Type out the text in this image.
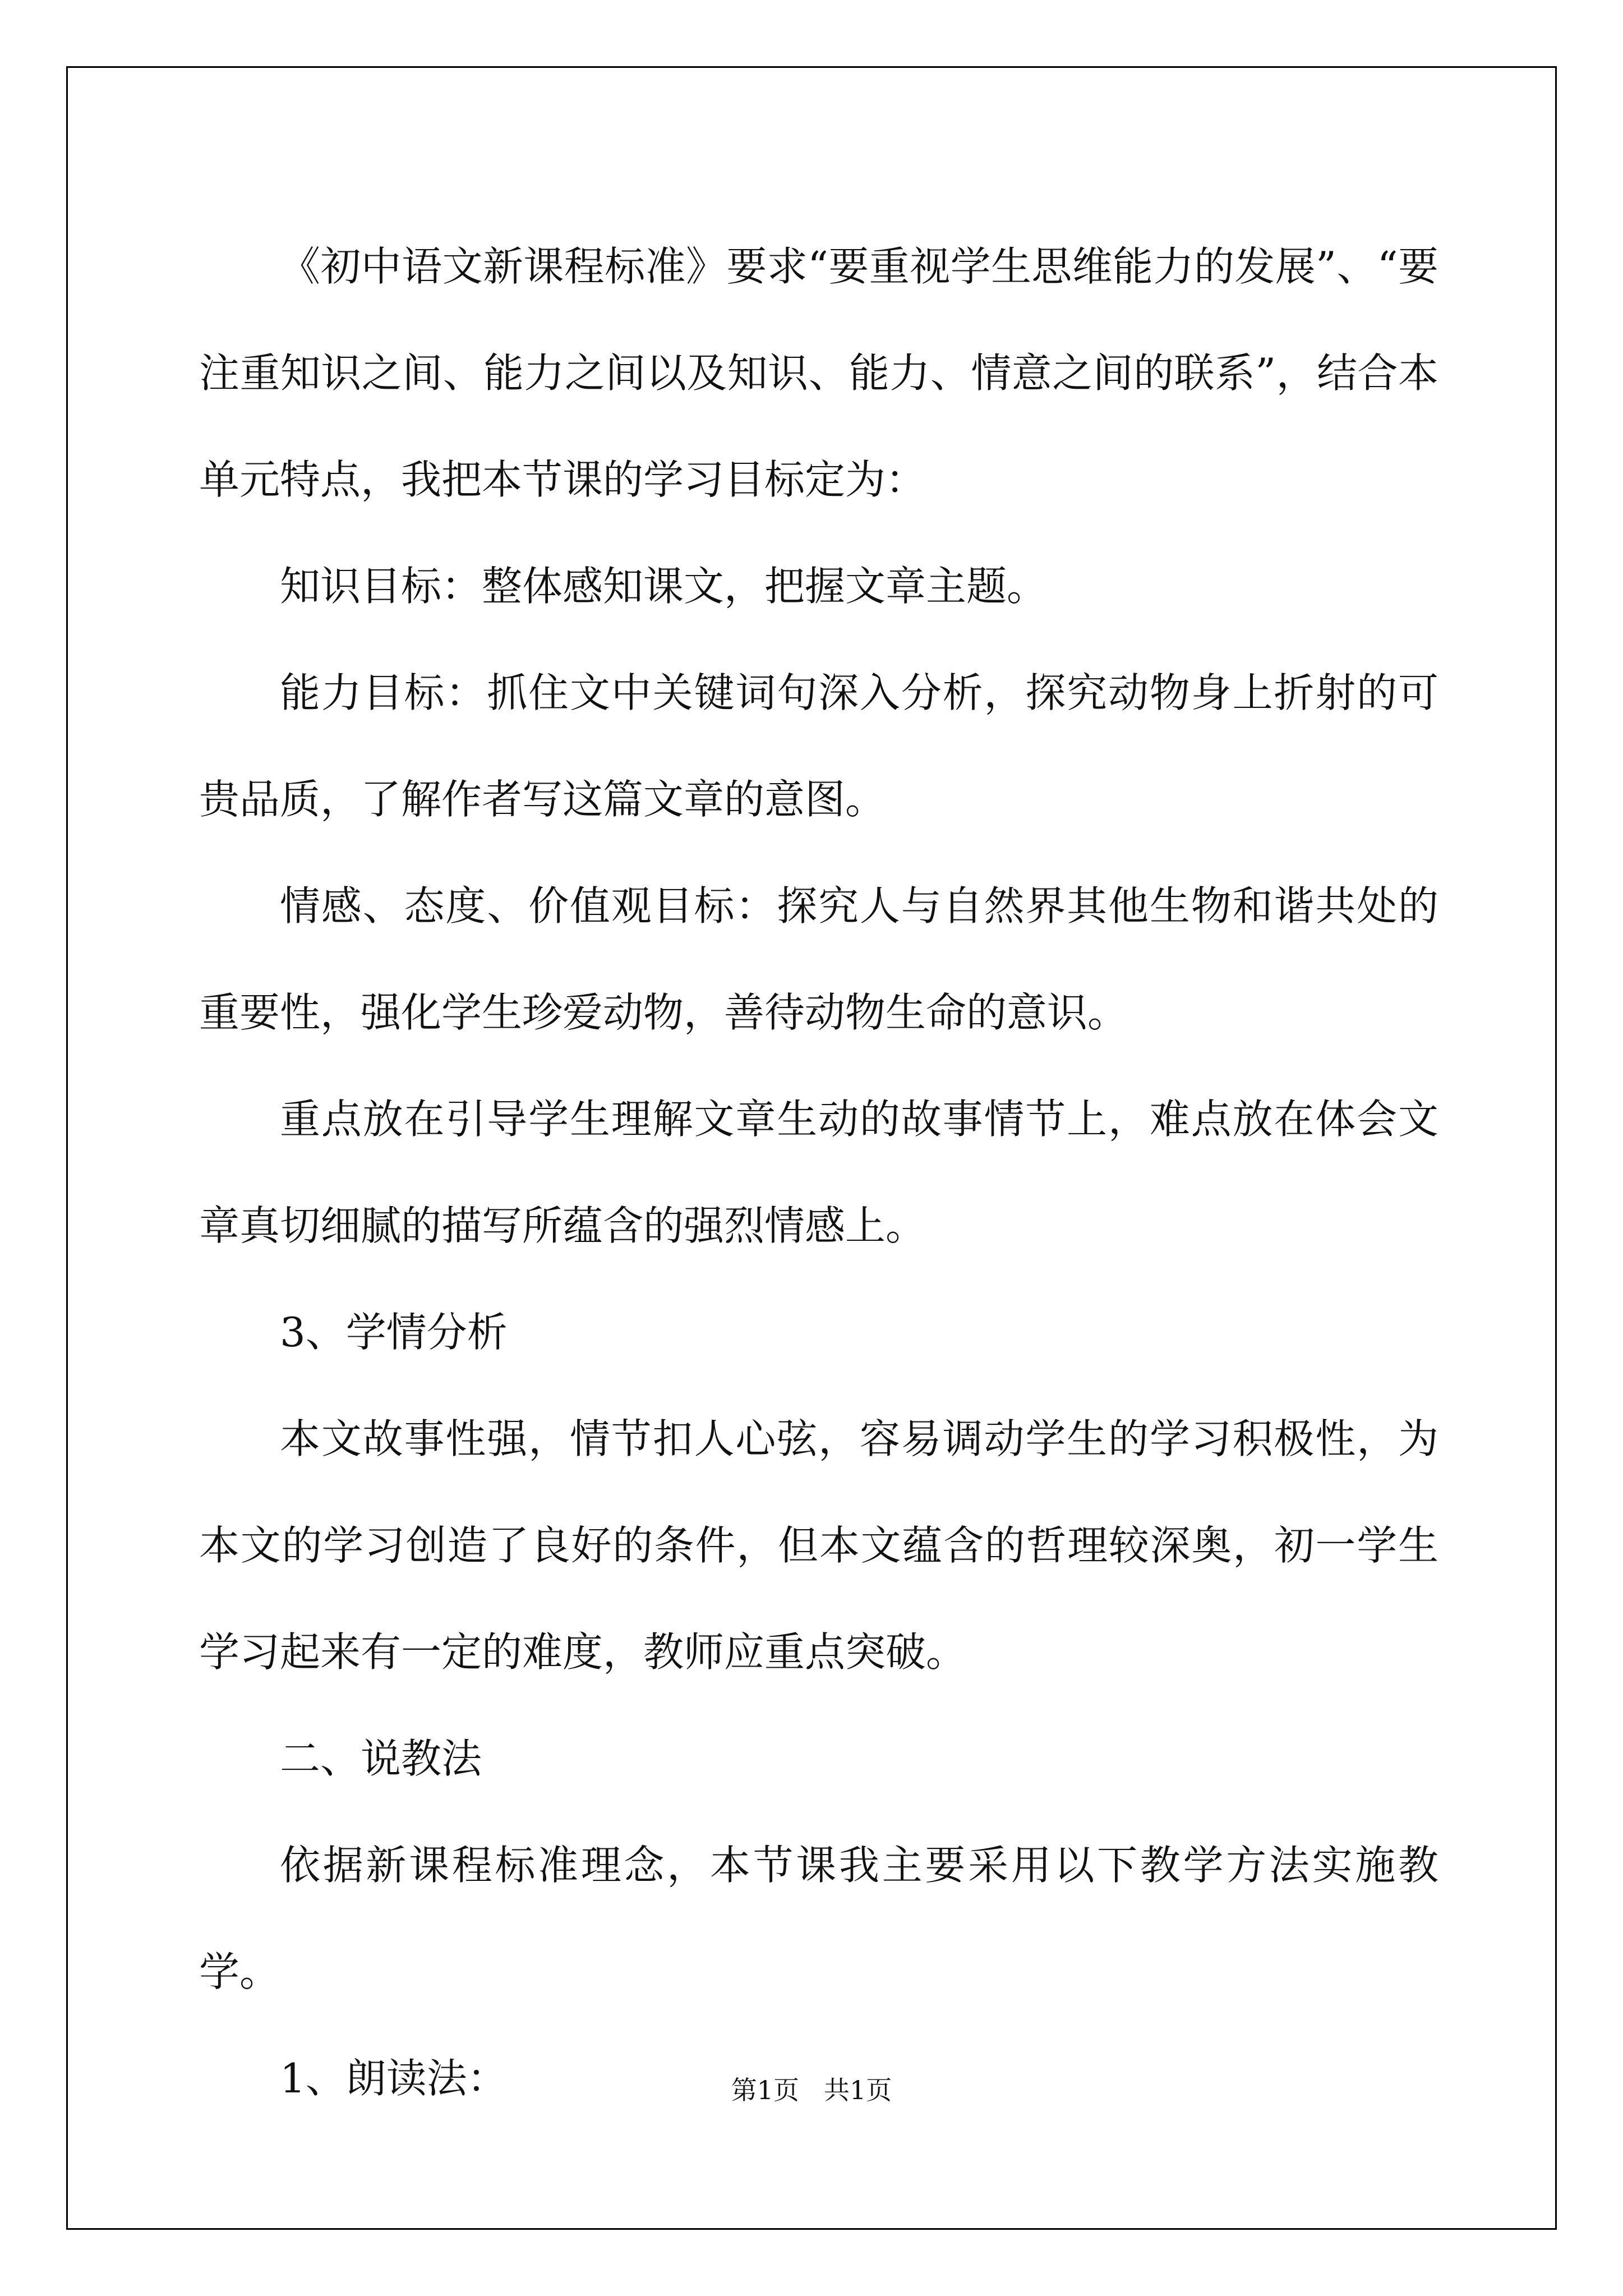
《初中语文新课程标准》要求“要重视学生思维能力的发展”、“要注重知识之间、能力之间以及知识、能力、情意之间的联系”，结合本单元特点，我把本节课的学习目标定为：

知识目标：整体感知课文，把握文章主题。

能力目标：抓住文中关键词句深入分析，探究动物身上折射的可贵品质，了解作者写这篇文章的意图。

情感、态度、价值观目标：探究人与自然界其他生物和谐共处的重要性，强化学生珍爱动物，善待动物生命的意识。

重点放在引导学生理解文章生动的故事情节上，难点放在体会文章真切细腻的描写所蕴含的强烈情感上。

3、学情分析

本文故事性强，情节扣人心弦，容易调动学生的学习积极性，为本文的学习创造了良好的条件，但本文蕴含的哲理较深奥，初一学生学习起来有一定的难度，教师应重点突破。

二、说教法

依据新课程标准理念，本节课我主要采用以下教学方法实施教学。

1、朗读法：	第1页 共1页
